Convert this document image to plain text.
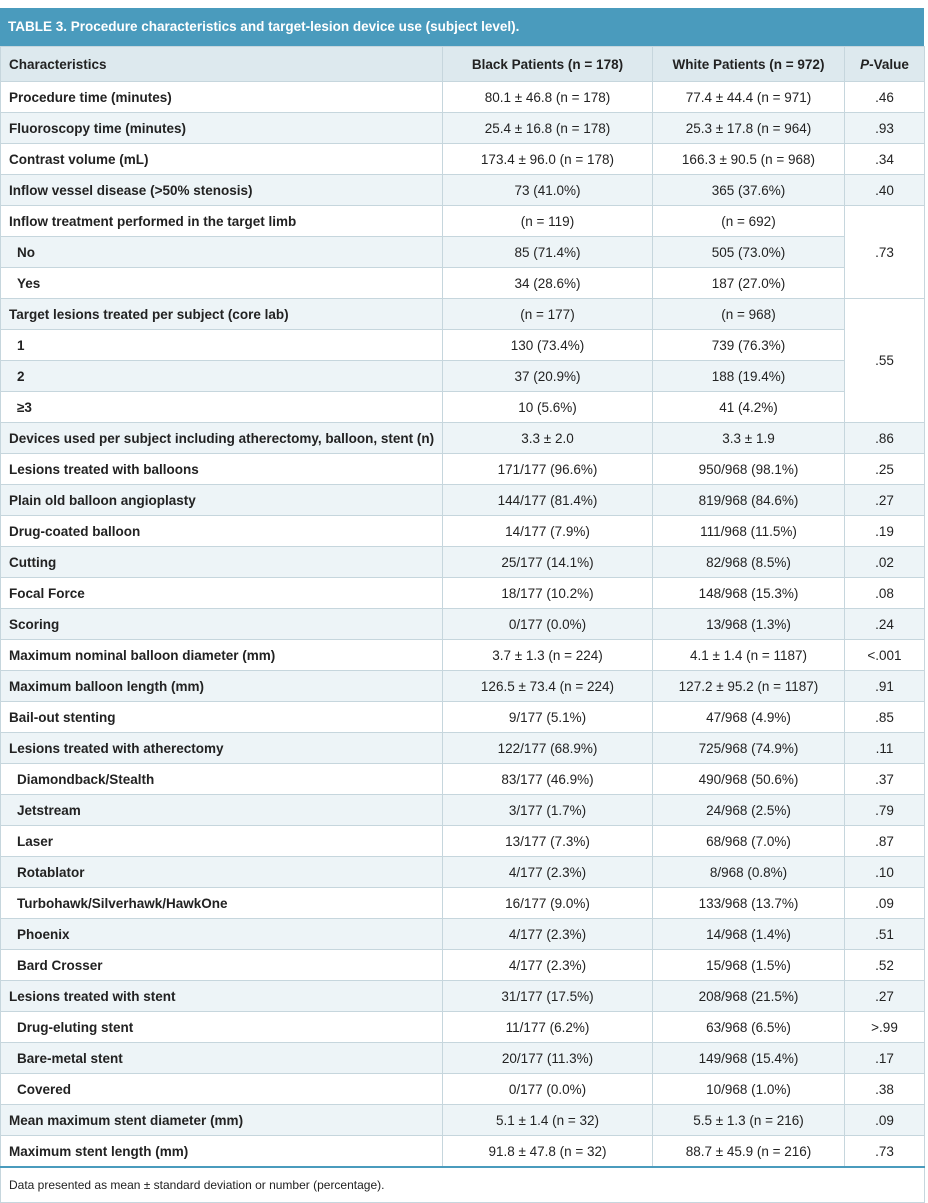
TABLE 3. Procedure characteristics and target-lesion device use (subject level).
Characteristics	Black Patients (n = 178)	White Patients (n = 972)	P-Value
Procedure time (minutes)	80.1 ± 46.8 (n = 178)	77.4 ± 44.4 (n = 971)	.46
Fluoroscopy time (minutes)	25.4 ± 16.8 (n = 178)	25.3 ± 17.8 (n = 964)	.93
Contrast volume (mL)	173.4 ± 96.0 (n = 178)	166.3 ± 90.5 (n = 968)	.34
Inflow vessel disease (>50% stenosis)	73 (41.0%)	365 (37.6%)	.40
Inflow treatment performed in the target limb	(n = 119)	(n = 692)	.73
No	85 (71.4%)	505 (73.0%)	
Yes	34 (28.6%)	187 (27.0%)	
Target lesions treated per subject (core lab)	(n = 177)	(n = 968)	.55
1	130 (73.4%)	739 (76.3%)	
2	37 (20.9%)	188 (19.4%)	
≥3	10 (5.6%)	41 (4.2%)	
Devices used per subject including atherectomy, balloon, stent (n)	3.3 ± 2.0	3.3 ± 1.9	.86
Lesions treated with balloons	171/177 (96.6%)	950/968 (98.1%)	.25
Plain old balloon angioplasty	144/177 (81.4%)	819/968 (84.6%)	.27
Drug-coated balloon	14/177 (7.9%)	111/968 (11.5%)	.19
Cutting	25/177 (14.1%)	82/968 (8.5%)	.02
Focal Force	18/177 (10.2%)	148/968 (15.3%)	.08
Scoring	0/177 (0.0%)	13/968 (1.3%)	.24
Maximum nominal balloon diameter (mm)	3.7 ± 1.3 (n = 224)	4.1 ± 1.4 (n = 1187)	<.001
Maximum balloon length (mm)	126.5 ± 73.4 (n = 224)	127.2 ± 95.2 (n = 1187)	.91
Bail-out stenting	9/177 (5.1%)	47/968 (4.9%)	.85
Lesions treated with atherectomy	122/177 (68.9%)	725/968 (74.9%)	.11
Diamondback/Stealth	83/177 (46.9%)	490/968 (50.6%)	.37
Jetstream	3/177 (1.7%)	24/968 (2.5%)	.79
Laser	13/177 (7.3%)	68/968 (7.0%)	.87
Rotablator	4/177 (2.3%)	8/968 (0.8%)	.10
Turbohawk/Silverhawk/HawkOne	16/177 (9.0%)	133/968 (13.7%)	.09
Phoenix	4/177 (2.3%)	14/968 (1.4%)	.51
Bard Crosser	4/177 (2.3%)	15/968 (1.5%)	.52
Lesions treated with stent	31/177 (17.5%)	208/968 (21.5%)	.27
Drug-eluting stent	11/177 (6.2%)	63/968 (6.5%)	>.99
Bare-metal stent	20/177 (11.3%)	149/968 (15.4%)	.17
Covered	0/177 (0.0%)	10/968 (1.0%)	.38
Mean maximum stent diameter (mm)	5.1 ± 1.4 (n = 32)	5.5 ± 1.3 (n = 216)	.09
Maximum stent length (mm)	91.8 ± 47.8 (n = 32)	88.7 ± 45.9 (n = 216)	.73
Data presented as mean ± standard deviation or number (percentage).			
